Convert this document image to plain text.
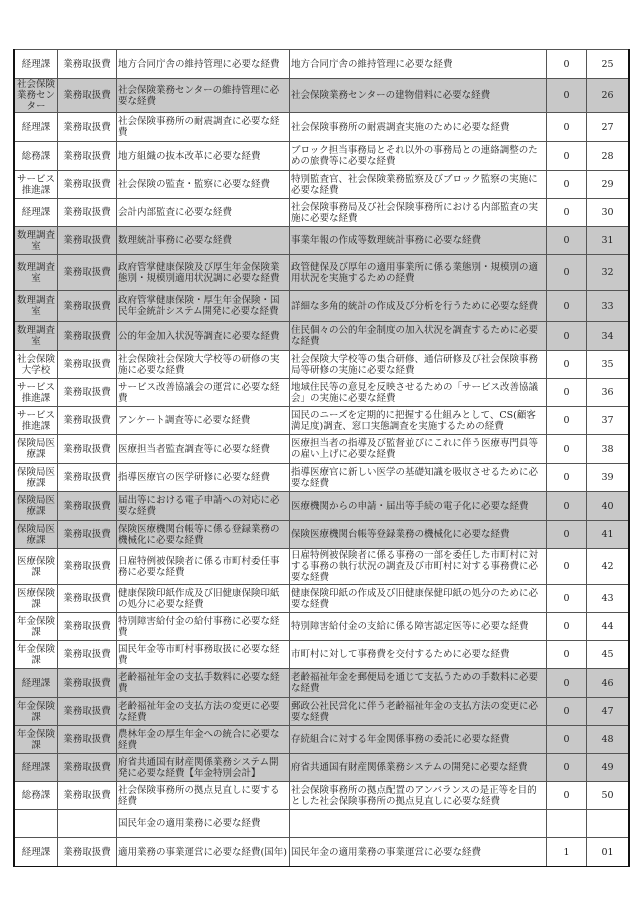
経理課	業務取扱費	地方合同庁舎の維持管理に必要な経費	地方合同庁舎の維持管理に必要な経費	0	25
社会保険業務センター	業務取扱費	社会保険業務センターの維持管理に必要な経費	社会保険業務センターの建物借料に必要な経費	0	26
経理課	業務取扱費	社会保険事務所の耐震調査に必要な経費	社会保険事務所の耐震調査実施のために必要な経費	0	27
総務課	業務取扱費	地方組織の抜本改革に必要な経費	ブロック担当事務局とそれ以外の事務局との連絡調整のための旅費等に必要な経費	0	28
サービス推進課	業務取扱費	社会保険の監査・監察に必要な経費	特別監査官、社会保険業務監察及びブロック監察の実施に必要な経費	0	29
経理課	業務取扱費	会計内部監査に必要な経費	社会保険事務局及び社会保険事務所における内部監査の実施に必要な経費	0	30
数理調査室	業務取扱費	数理統計事務に必要な経費	事業年報の作成等数理統計事務に必要な経費	0	31
数理調査室	業務取扱費	政府管掌健康保険及び厚生年金保険業態別・規模別適用状況調に必要な経費	政管健保及び厚年の適用事業所に係る業態別・規模別の適用状況を実施するための経費	0	32
数理調査室	業務取扱費	政府管掌健康保険・厚生年金保険・国民年金統計システム開発に必要な経費	詳細な多角的統計の作成及び分析を行うために必要な経費	0	33
数理調査室	業務取扱費	公的年金加入状況等調査に必要な経費	住民個々の公的年金制度の加入状況を調査するために必要な経費	0	34
社会保険大学校	業務取扱費	社会保険社会保険大学校等の研修の実施に必要な経費	社会保険大学校等の集合研修、通信研修及び社会保険事務局等研修の実施に必要な経費	0	35
サービス推進課	業務取扱費	サービス改善協議会の運営に必要な経費	地域住民等の意見を反映させるための「サービス改善協議会」の実施に必要な経費	0	36
サービス推進課	業務取扱費	アンケート調査等に必要な経費	国民のニーズを定期的に把握する仕組みとして、CS(顧客満足度)調査、窓口実態調査を実施するための経費	0	37
保険局医療課	業務取扱費	医療担当者監査調査等に必要な経費	医療担当者の指導及び監督並びにこれに伴う医療専門員等の雇い上げに必要な経費	0	38
保険局医療課	業務取扱費	指導医療官の医学研修に必要な経費	指導医療官に新しい医学の基礎知識を吸収させるために必要な経費	0	39
保険局医療課	業務取扱費	届出等における電子申請への対応に必要な経費	医療機関からの申請・届出等手続の電子化に必要な経費	0	40
保険局医療課	業務取扱費	保険医療機関台帳等に係る登録業務の機械化に必要な経費	保険医療機関台帳等登録業務の機械化に必要な経費	0	41
医療保険課	業務取扱費	日雇特例被保険者に係る市町村委任事務に必要な経費	日雇特例被保険者に係る事務の一部を委任した市町村に対する事務の執行状況の調査及び市町村に対する事務費に必要な経費	0	42
医療保険課	業務取扱費	健康保険印紙作成及び旧健康保険印紙の処分に必要な経費	健康保険印紙の作成及び旧健康保健印紙の処分のために必要な経費	0	43
年金保険課	業務取扱費	特別障害給付金の給付事務に必要な経費	特別障害給付金の支給に係る障害認定医等に必要な経費	0	44
年金保険課	業務取扱費	国民年金等市町村事務取扱に必要な経費	市町村に対して事務費を交付するために必要な経費	0	45
経理課	業務取扱費	老齢福祉年金の支払手数料に必要な経費	老齢福祉年金を郵便局を通じて支払うための手数料に必要な経費	0	46
年金保険課	業務取扱費	老齢福祉年金の支払方法の変更に必要な経費	郵政公社民営化に伴う老齢福祉年金の支払方法の変更に必要な経費	0	47
年金保険課	業務取扱費	農林年金の厚生年金への統合に必要な経費	存続組合に対する年金関係事務の委託に必要な経費	0	48
経理課	業務取扱費	府省共通国有財産関係業務システム開発に必要な経費【年金特別会計】	府省共通国有財産関係業務システムの開発に必要な経費	0	49
総務課	業務取扱費	社会保険事務所の拠点見直しに要する経費	社会保険事務所の拠点配置のアンバランスの是正等を目的とした社会保険事務所の拠点見直しに必要な経費	0	50
		国民年金の適用業務に必要な経費			
経理課	業務取扱費	適用業務の事業運営に必要な経費(国年)	国民年金の適用業務の事業運営に必要な経費	1	01
